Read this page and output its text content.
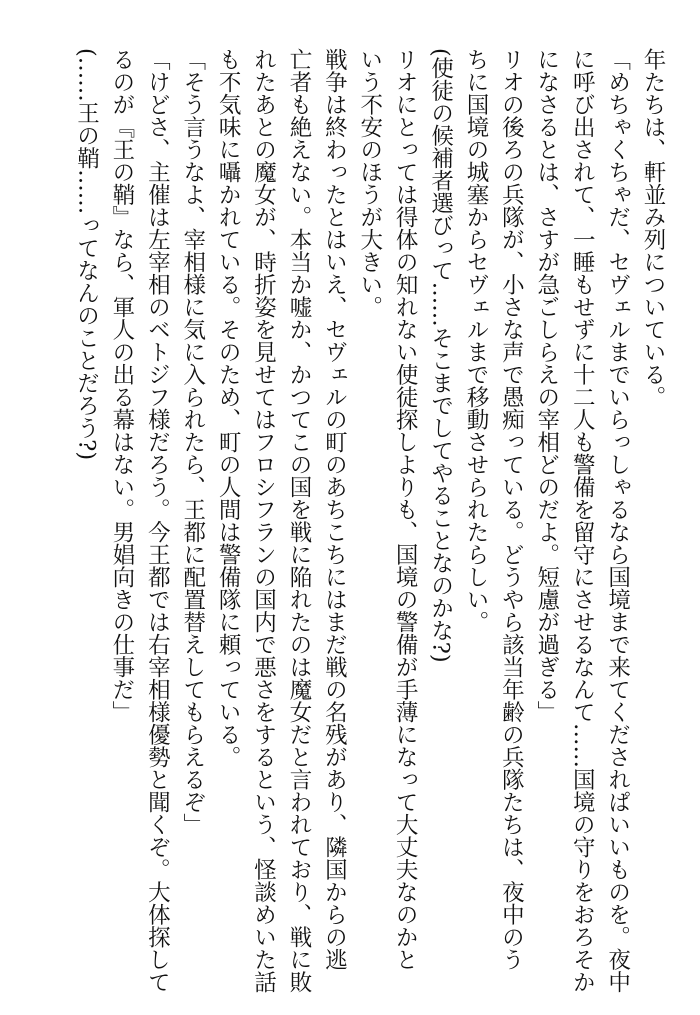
年たちは、軒並み列についている。
「めちゃくちゃだ、セヴェルまでいらっしゃるなら国境まで来てくだされぱいいものを。夜中
に呼び出されて、一睡もせずに十二人も警備を留守にさせるなんて……国境の守りをおろそか
になさるとは、さすが急ごしらえの宰相どのだよ。短慮が過ぎる」
リオの後ろの兵隊が、小さな声で愚痴っている。どうやら該当年齢の兵隊たちは、夜中のう
ちに国境の城塞からセヴェルまで移動させられたらしい。
(使徒の候補者選びって……そこまでしてやることなのかな?)
リオにとっては得体の知れない使徒探しよりも、国境の警備が手薄になって大丈夫なのかと
いう不安のほうが大きい。
戦争は終わったとはいえ、セヴェルの町のあちこちにはまだ戦の名残があり、隣国からの逃
亡者も絶えない。本当か嘘か、かつてこの国を戦に陥れたのは魔女だと言われており、戦に敗
れたあとの魔女が、時折姿を見せてはフロシフランの国内で悪さをするという、怪談めいた話
も不気味に囁かれている。そのため、町の人間は警備隊に頼っている。
「そう言うなよ、宰相様に気に入られたら、王都に配置替えしてもらえるぞ」
「けどさ、主催は左宰相のベトジフ様だろう。今王都では右宰相様優勢と聞くぞ。大体探して
るのが『王の鞘』なら、軍人の出る幕はない。男娼向きの仕事だ」
(……王の鞘……ってなんのことだろう?)
